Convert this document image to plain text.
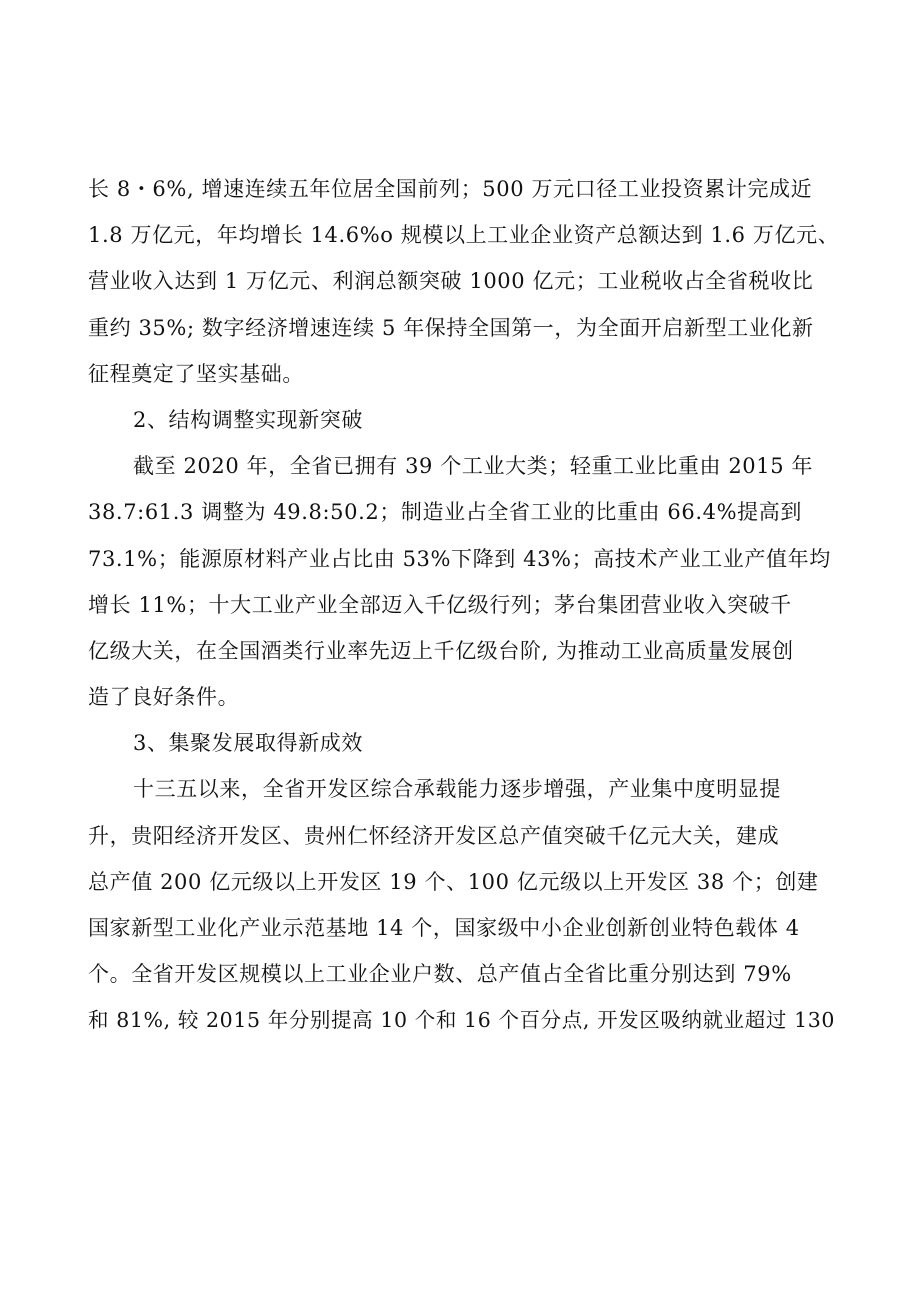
长 8・6%, 增速连续五年位居全国前列；500 万元口径工业投资累计完成近
1.8 万亿元，年均增长 14.6%o 规模以上工业企业资产总额达到 1.6 万亿元、
营业收入达到 1 万亿元、利润总额突破 1000 亿元；工业税收占全省税收比
重约 35%; 数字经济增速连续 5 年保持全国第一，为全面开启新型工业化新
征程奠定了坚实基础。
2、结构调整实现新突破
截至 2020 年，全省已拥有 39 个工业大类；轻重工业比重由 2015 年
38.7:61.3 调整为 49.8:50.2；制造业占全省工业的比重由 66.4%提高到
73.1%；能源原材料产业占比由 53%下降到 43%；高技术产业工业产值年均
增长 11%；十大工业产业全部迈入千亿级行列；茅台集团营业收入突破千
亿级大关，在全国酒类行业率先迈上千亿级台阶, 为推动工业高质量发展创
造了良好条件。
3、集聚发展取得新成效
十三五以来，全省开发区综合承载能力逐步增强，产业集中度明显提
升，贵阳经济开发区、贵州仁怀经济开发区总产值突破千亿元大关，建成
总产值 200 亿元级以上开发区 19 个、100 亿元级以上开发区 38 个；创建
国家新型工业化产业示范基地 14 个，国家级中小企业创新创业特色载体 4
个。全省开发区规模以上工业企业户数、总产值占全省比重分别达到 79%
和 81%, 较 2015 年分别提高 10 个和 16 个百分点, 开发区吸纳就业超过 130
